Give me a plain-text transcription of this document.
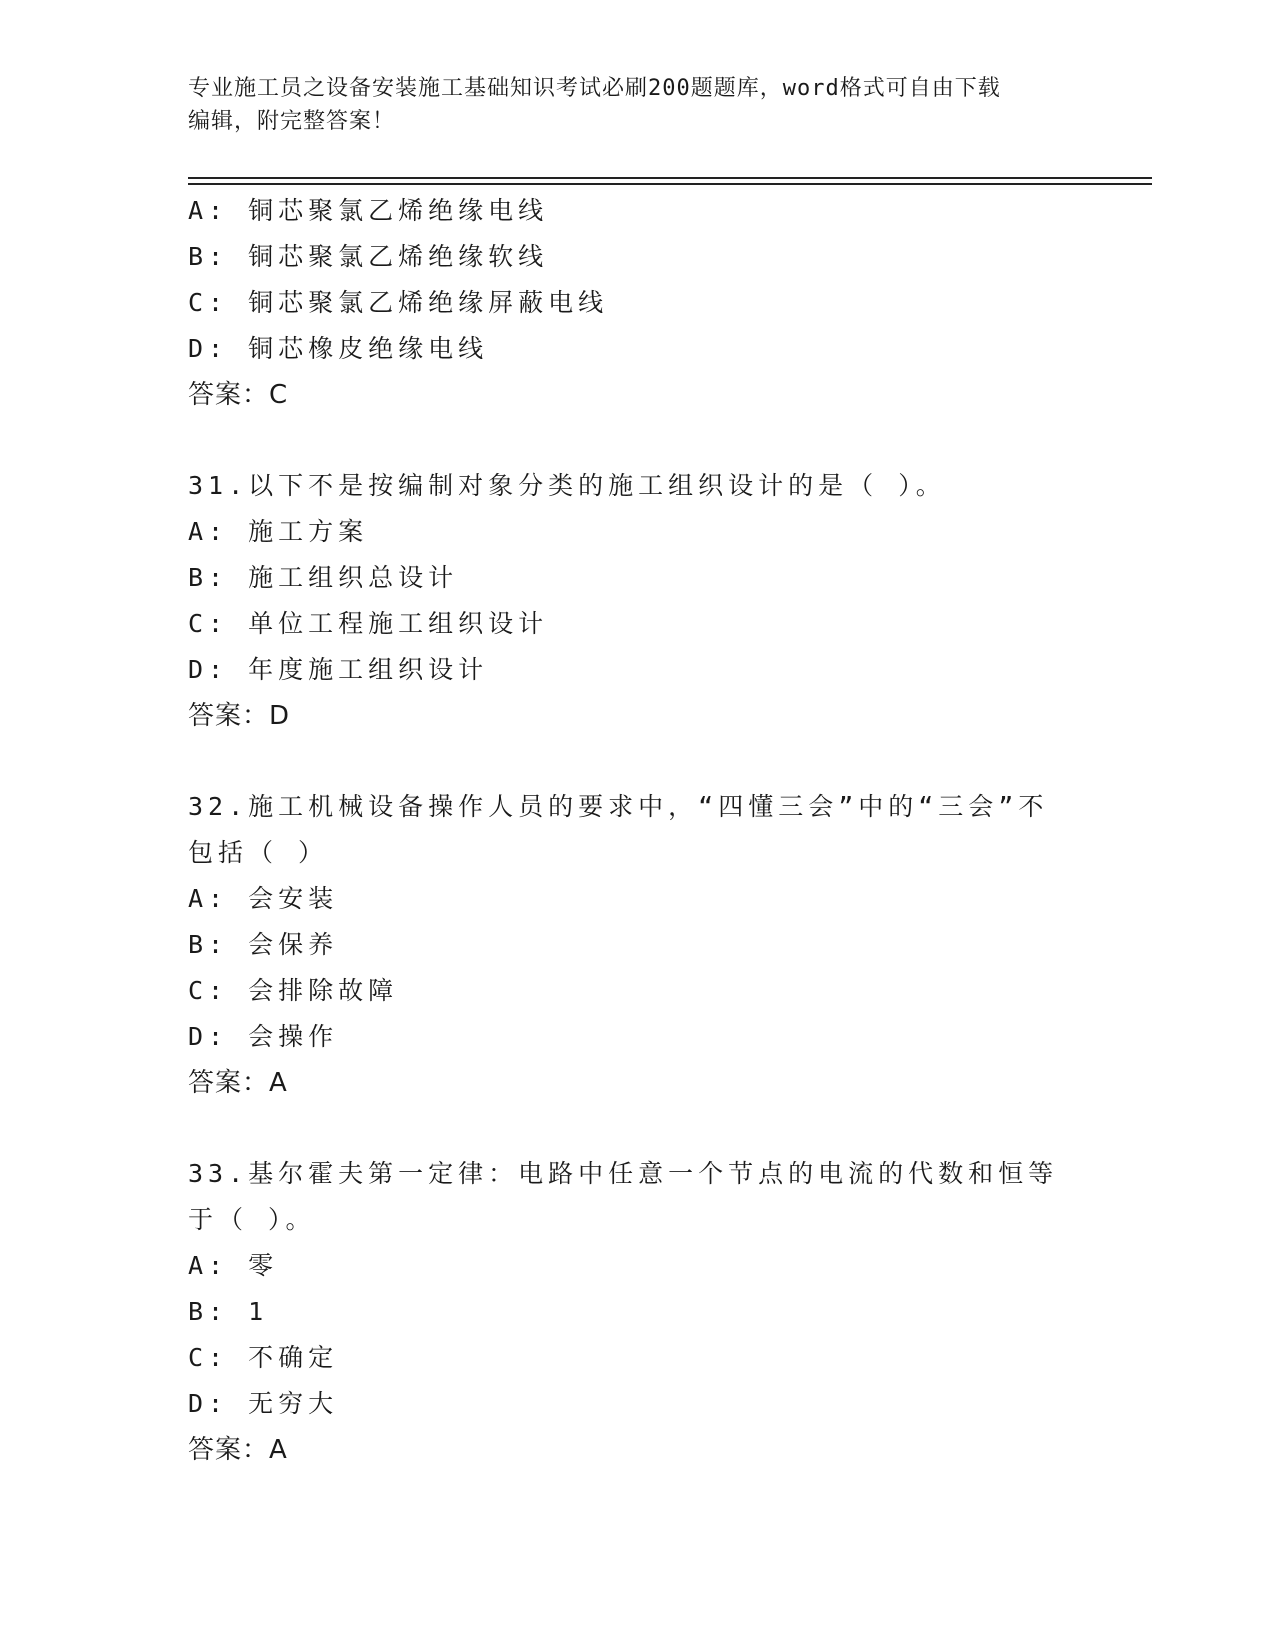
专业施工员之设备安装施工基础知识考试必刷200题题库，word格式可自由下载
编辑，附完整答案！
A: 铜芯聚氯乙烯绝缘电线
B: 铜芯聚氯乙烯绝缘软线
C: 铜芯聚氯乙烯绝缘屏蔽电线
D: 铜芯橡皮绝缘电线
答案：C
31.以下不是按编制对象分类的施工组织设计的是（ ）。
A: 施工方案
B: 施工组织总设计
C: 单位工程施工组织设计
D: 年度施工组织设计
答案：D
32.施工机械设备操作人员的要求中，“四懂三会”中的“三会”不包括（ ）
A: 会安装
B: 会保养
C: 会排除故障
D: 会操作
答案：A
33.基尔霍夫第一定律：电路中任意一个节点的电流的代数和恒等于（ ）。
A: 零
B: 1
C: 不确定
D: 无穷大
答案：A
